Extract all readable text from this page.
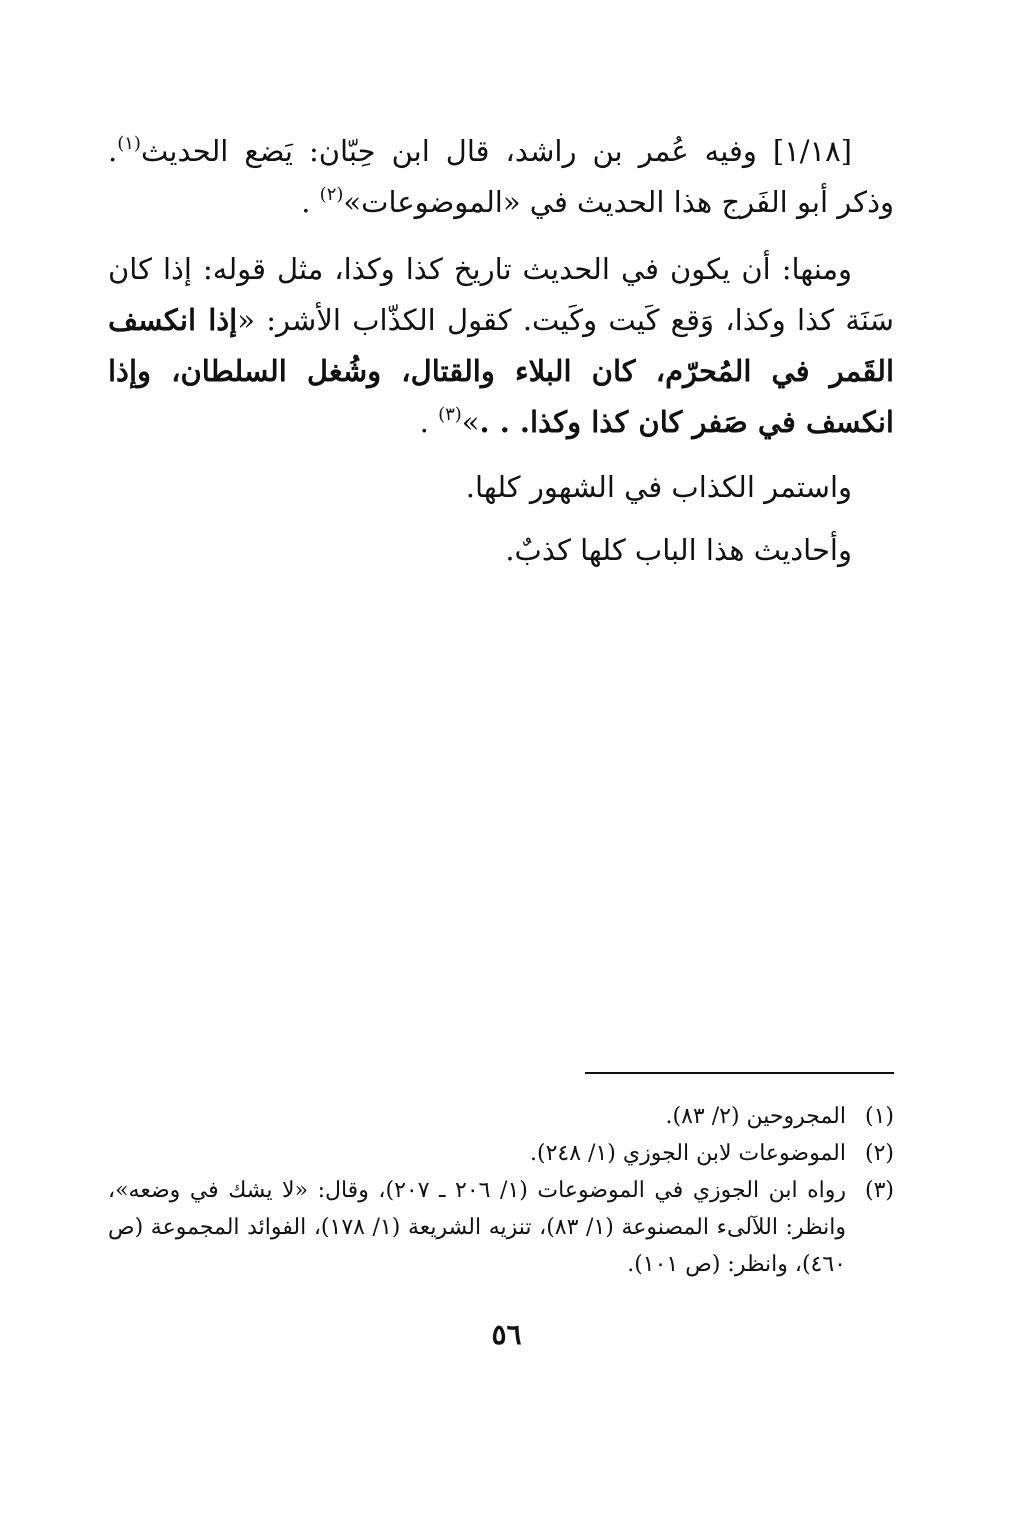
[١/١٨] وفيه عُمر بن راشد، قال ابن حِبّان: يَضع الحديث$^{(١)}$. وذكر أبو الفَرج هذا الحديث في «الموضوعات»$^{(٢)}$ .

ومنها: أن يكون في الحديث تاريخ كذا وكذا، مثل قوله: إذا كان سَنَة كذا وكذا، وَقع كَيت وكَيت. كقول الكذّاب الأشر: «إذا انكسف القَمر في المُحرّم، كان البلاء والقتال، وشُغل السلطان، وإذا انكسف في صَفر كان كذا وكذا. . .»$^{(٣)}$ .

واستمر الكذاب في الشهور كلها.

وأحاديث هذا الباب كلها كذبٌ.

(١)
المجروحين (٢/ ٨٣).

(٢)
الموضوعات لابن الجوزي (١/ ٢٤٨).

(٣)
رواه ابن الجوزي في الموضوعات (١/ ٢٠٦ ـ ٢٠٧)، وقال: «لا يشك في وضعه»، وانظر: اللآلىء المصنوعة (١/ ٨٣)، تنزيه الشريعة (١/ ١٧٨)، الفوائد المجموعة (ص ٤٦٠)، وانظر: (ص ١٠١).

٥٦
